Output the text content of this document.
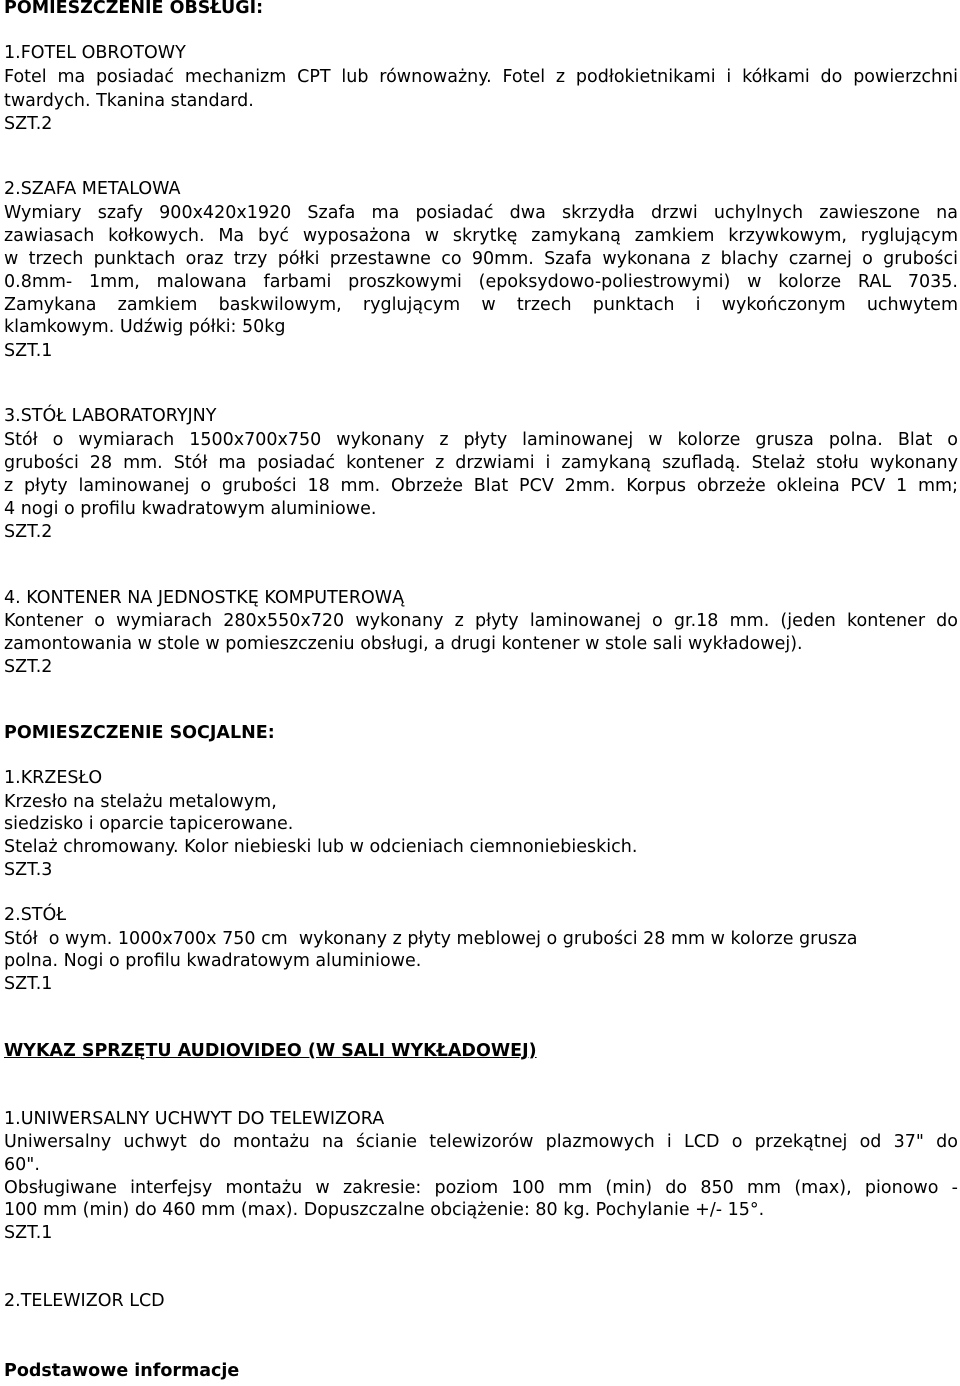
POMIESZCZENIE OBSŁUGI:
1.FOTEL OBROTOWY
Fotel ma posiadać mechanizm CPT lub równoważny. Fotel z podłokietnikami i kółkami do powierzchni
twardych. Tkanina standard.
SZT.2
2.SZAFA METALOWA
Wymiary szafy 900x420x1920 Szafa ma posiadać dwa skrzydła drzwi uchylnych zawieszone na
zawiasach kołkowych. Ma być wyposażona w skrytkę zamykaną zamkiem krzywkowym, ryglującym
w trzech punktach oraz trzy półki przestawne co 90mm. Szafa wykonana z blachy czarnej o grubości
0.8mm- 1mm, malowana farbami proszkowymi (epoksydowo-poliestrowymi) w kolorze RAL 7035.
Zamykana zamkiem baskwilowym, ryglującym w trzech punktach i wykończonym uchwytem
klamkowym. Udźwig półki: 50kg
SZT.1
3.STÓŁ LABORATORYJNY
Stół o wymiarach 1500x700x750 wykonany z płyty laminowanej w kolorze grusza polna. Blat o
grubości 28 mm. Stół ma posiadać kontener z drzwiami i zamykaną szufladą. Stelaż stołu wykonany
z płyty laminowanej o grubości 18 mm. Obrzeże Blat PCV 2mm. Korpus obrzeże okleina PCV 1 mm;
4 nogi o profilu kwadratowym aluminiowe.
SZT.2
4. KONTENER NA JEDNOSTKĘ KOMPUTEROWĄ
Kontener o wymiarach 280x550x720 wykonany z płyty laminowanej o gr.18 mm. (jeden kontener do
zamontowania w stole w pomieszczeniu obsługi, a drugi kontener w stole sali wykładowej).
SZT.2
POMIESZCZENIE SOCJALNE:
1.KRZESŁO
Krzesło na stelażu metalowym,
siedzisko i oparcie tapicerowane.
Stelaż chromowany. Kolor niebieski lub w odcieniach ciemnoniebieskich.
SZT.3
2.STÓŁ
Stół  o wym. 1000x700x 750 cm  wykonany z płyty meblowej o grubości 28 mm w kolorze grusza
polna. Nogi o profilu kwadratowym aluminiowe.
SZT.1
WYKAZ SPRZĘTU AUDIOVIDEO (W SALI WYKŁADOWEJ)
1.UNIWERSALNY UCHWYT DO TELEWIZORA
Uniwersalny uchwyt do montażu na ścianie telewizorów plazmowych i LCD o przekątnej od 37" do
60".
Obsługiwane interfejsy montażu w zakresie: poziom 100 mm (min) do 850 mm (max), pionowo -
100 mm (min) do 460 mm (max). Dopuszczalne obciążenie: 80 kg. Pochylanie +/- 15°.
SZT.1
2.TELEWIZOR LCD
Podstawowe informacje
